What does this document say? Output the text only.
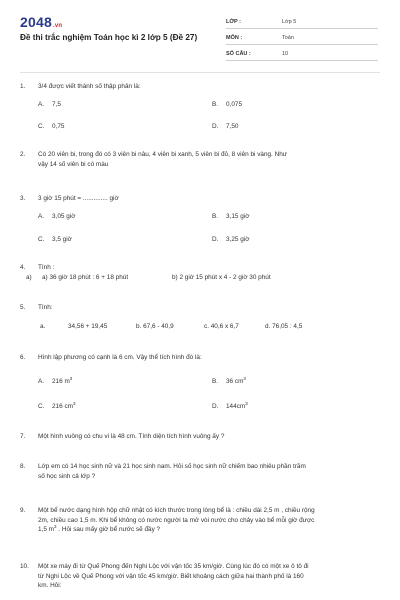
2048.vn
Đề thi trắc nghiệm Toán học kì 2 lớp 5 (Đề 27)
LỚP :	Lớp 5
MÔN :	Toán
SỐ CÂU :	10
1.	3/4 được viết thành số thập phân là:
A. 7,5	B. 0,075
C. 0,75	D. 7,50
2.	Có 20 viên bi, trong đó có 3 viên bi nâu, 4 viên bi xanh, 5 viên bi đỏ, 8 viên bi vàng. Như
vậy 14 số viên bi có màu
3.	3 giờ 15 phút = .............. giờ
A. 3,05 giờ	B. 3,15 giờ
C. 3,5 giờ	D. 3,25 giờ
4.	Tính :
a) a) 36 giờ 18 phút : 6 + 18 phút	b) 2 giờ 15 phút x 4 - 2 giờ 30 phút
5.	Tính:
a.	34,56 + 19,45	b. 67,6 - 40,9	c. 40,6 x 6,7	d. 76,05 : 4,5
6.	Hình lập phương có cạnh là 6 cm. Vậy thể tích hình đó là:
A. 216 $m^3$	B. 36 $cm^3$
C. 216 $cm^3$	D. $144cm^3$
7.	Một hình vuông có chu vi là 48 cm. Tính diện tích hình vuông ấy ?
8.	Lớp em có 14 học sinh nữ và 21 học sinh nam. Hỏi số học sinh nữ chiếm bao nhiêu phần trăm
số học sinh cả lớp ?
9.	Một bể nước dạng hình hộp chữ nhật có kích thước trong lòng bể là : chiều dài 2,5 m , chiều rộng
2m, chiều cao 1,5 m. Khi bể không có nước người ta mở vòi nước cho chảy vào bể mỗi giờ được
1,5 $m^3$ . Hỏi sau mấy giờ bể nước sẽ đầy ?
10.	Một xe máy đi từ Quế Phong đến Nghi Lộc với vận tốc 35 km/giờ. Cùng lúc đó có một xe ô tô đi
từ Nghi Lộc về Quế Phong với vận tốc 45 km/giờ. Biết khoảng cách giữa hai thành phố là 160
km. Hỏi:
